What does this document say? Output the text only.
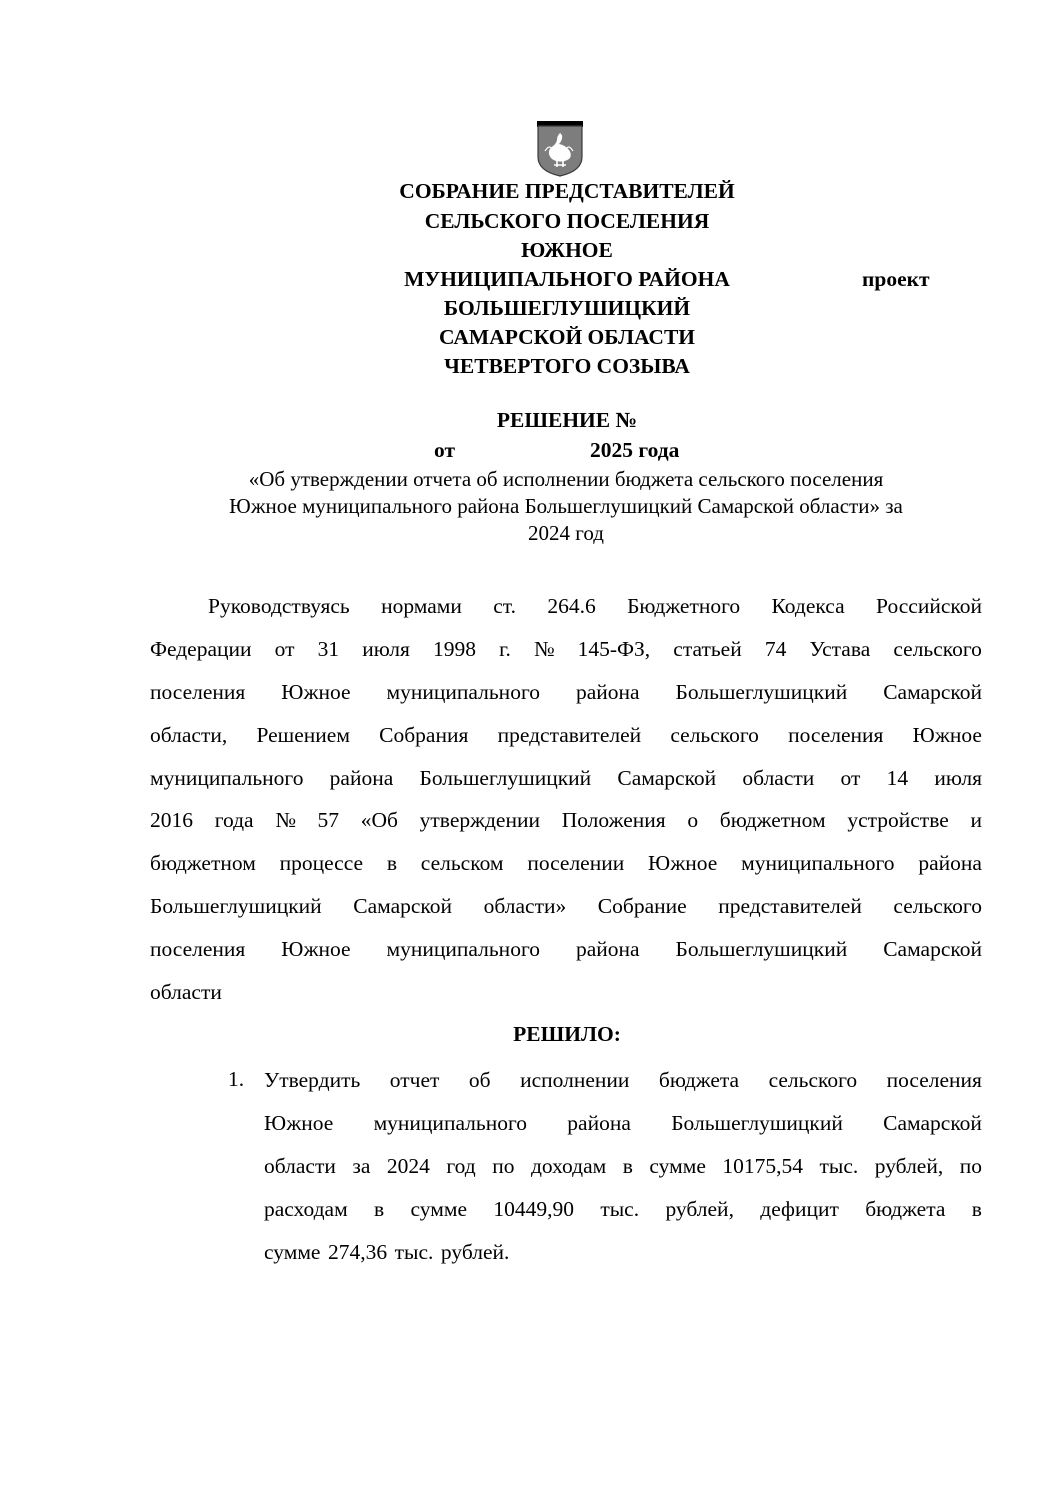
СОБРАНИЕ ПРЕДСТАВИТЕЛЕЙ
СЕЛЬСКОГО ПОСЕЛЕНИЯ
ЮЖНОЕ
МУНИЦИПАЛЬНОГО РАЙОНА
БОЛЬШЕГЛУШИЦКИЙ
САМАРСКОЙ ОБЛАСТИ
ЧЕТВЕРТОГО СОЗЫВА
проект
РЕШЕНИЕ №
от	2025 года
«Об утверждении отчета об исполнении бюджета сельского поселения
Южное муниципального района Большеглушицкий Самарской области» за
2024 год
Руководствуясь нормами ст. 264.6 Бюджетного Кодекса Российской
Федерации от 31 июля 1998 г. № 145-ФЗ, статьей 74 Устава сельского
поселения Южное муниципального района Большеглушицкий Самарской
области, Решением Собрания представителей сельского поселения Южное
муниципального района Большеглушицкий Самарской области от 14 июля
2016 года № 57 «Об утверждении Положения о бюджетном устройстве и
бюджетном процессе в сельском поселении Южное муниципального района
Большеглушицкий Самарской области» Собрание представителей сельского
поселения Южное муниципального района Большеглушицкий Самарской
области
РЕШИЛО:
1. Утвердить отчет об исполнении бюджета сельского поселения
Южное муниципального района Большеглушицкий Самарской
области за 2024 год по доходам в сумме 10175,54 тыс. рублей, по
расходам в сумме 10449,90 тыс. рублей, дефицит бюджета в
сумме 274,36 тыс. рублей.
